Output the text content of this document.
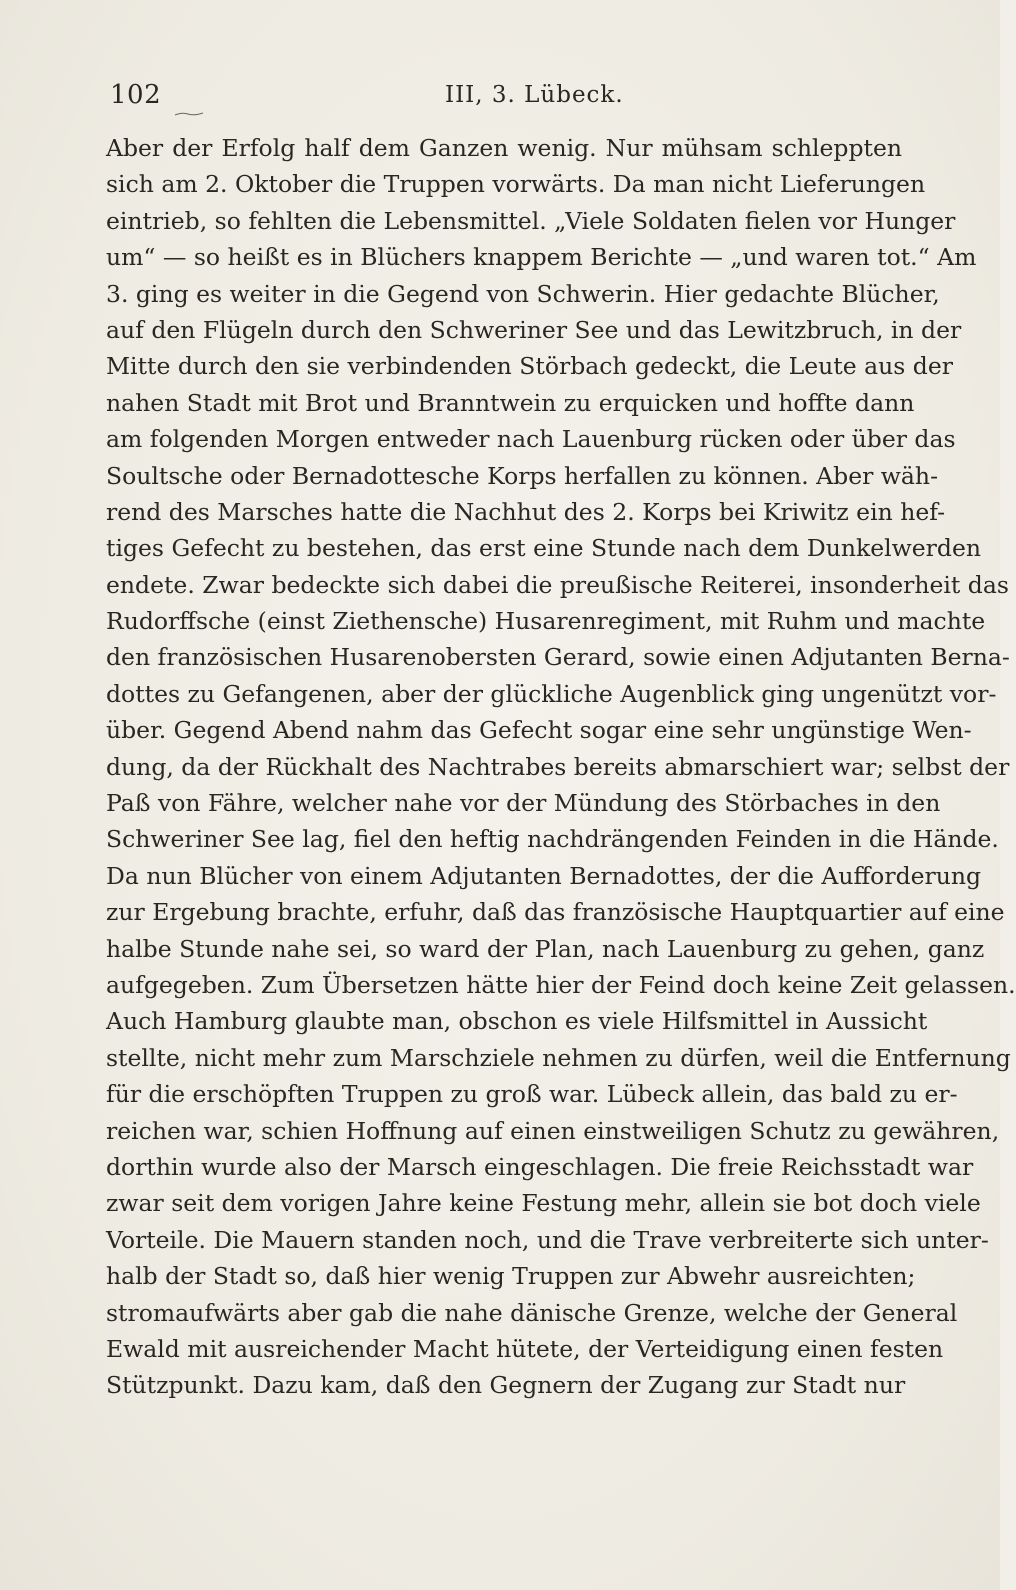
102	III, 3. Lübeck.
Aber der Erfolg half dem Ganzen wenig. Nur mühsam schleppten
sich am 2. Oktober die Truppen vorwärts. Da man nicht Lieferungen
eintrieb, so fehlten die Lebensmittel. „Viele Soldaten fielen vor Hunger
um“ — so heißt es in Blüchers knappem Berichte — „und waren tot.“ Am
3. ging es weiter in die Gegend von Schwerin. Hier gedachte Blücher,
auf den Flügeln durch den Schweriner See und das Lewitzbruch, in der
Mitte durch den sie verbindenden Störbach gedeckt, die Leute aus der
nahen Stadt mit Brot und Branntwein zu erquicken und hoffte dann
am folgenden Morgen entweder nach Lauenburg rücken oder über das
Soultsche oder Bernadottesche Korps herfallen zu können. Aber wäh-
rend des Marsches hatte die Nachhut des 2. Korps bei Kriwitz ein hef-
tiges Gefecht zu bestehen, das erst eine Stunde nach dem Dunkelwerden
endete. Zwar bedeckte sich dabei die preußische Reiterei, insonderheit das
Rudorffsche (einst Ziethensche) Husarenregiment, mit Ruhm und machte
den französischen Husarenobersten Gerard, sowie einen Adjutanten Berna-
dottes zu Gefangenen, aber der glückliche Augenblick ging ungenützt vor-
über. Gegend Abend nahm das Gefecht sogar eine sehr ungünstige Wen-
dung, da der Rückhalt des Nachtrabes bereits abmarschiert war; selbst der
Paß von Fähre, welcher nahe vor der Mündung des Störbaches in den
Schweriner See lag, fiel den heftig nachdrängenden Feinden in die Hände.
Da nun Blücher von einem Adjutanten Bernadottes, der die Aufforderung
zur Ergebung brachte, erfuhr, daß das französische Hauptquartier auf eine
halbe Stunde nahe sei, so ward der Plan, nach Lauenburg zu gehen, ganz
aufgegeben. Zum Übersetzen hätte hier der Feind doch keine Zeit gelassen.
Auch Hamburg glaubte man, obschon es viele Hilfsmittel in Aussicht
stellte, nicht mehr zum Marschziele nehmen zu dürfen, weil die Entfernung
für die erschöpften Truppen zu groß war. Lübeck allein, das bald zu er-
reichen war, schien Hoffnung auf einen einstweiligen Schutz zu gewähren,
dorthin wurde also der Marsch eingeschlagen. Die freie Reichsstadt war
zwar seit dem vorigen Jahre keine Festung mehr, allein sie bot doch viele
Vorteile. Die Mauern standen noch, und die Trave verbreiterte sich unter-
halb der Stadt so, daß hier wenig Truppen zur Abwehr ausreichten;
stromaufwärts aber gab die nahe dänische Grenze, welche der General
Ewald mit ausreichender Macht hütete, der Verteidigung einen festen
Stützpunkt. Dazu kam, daß den Gegnern der Zugang zur Stadt nur
